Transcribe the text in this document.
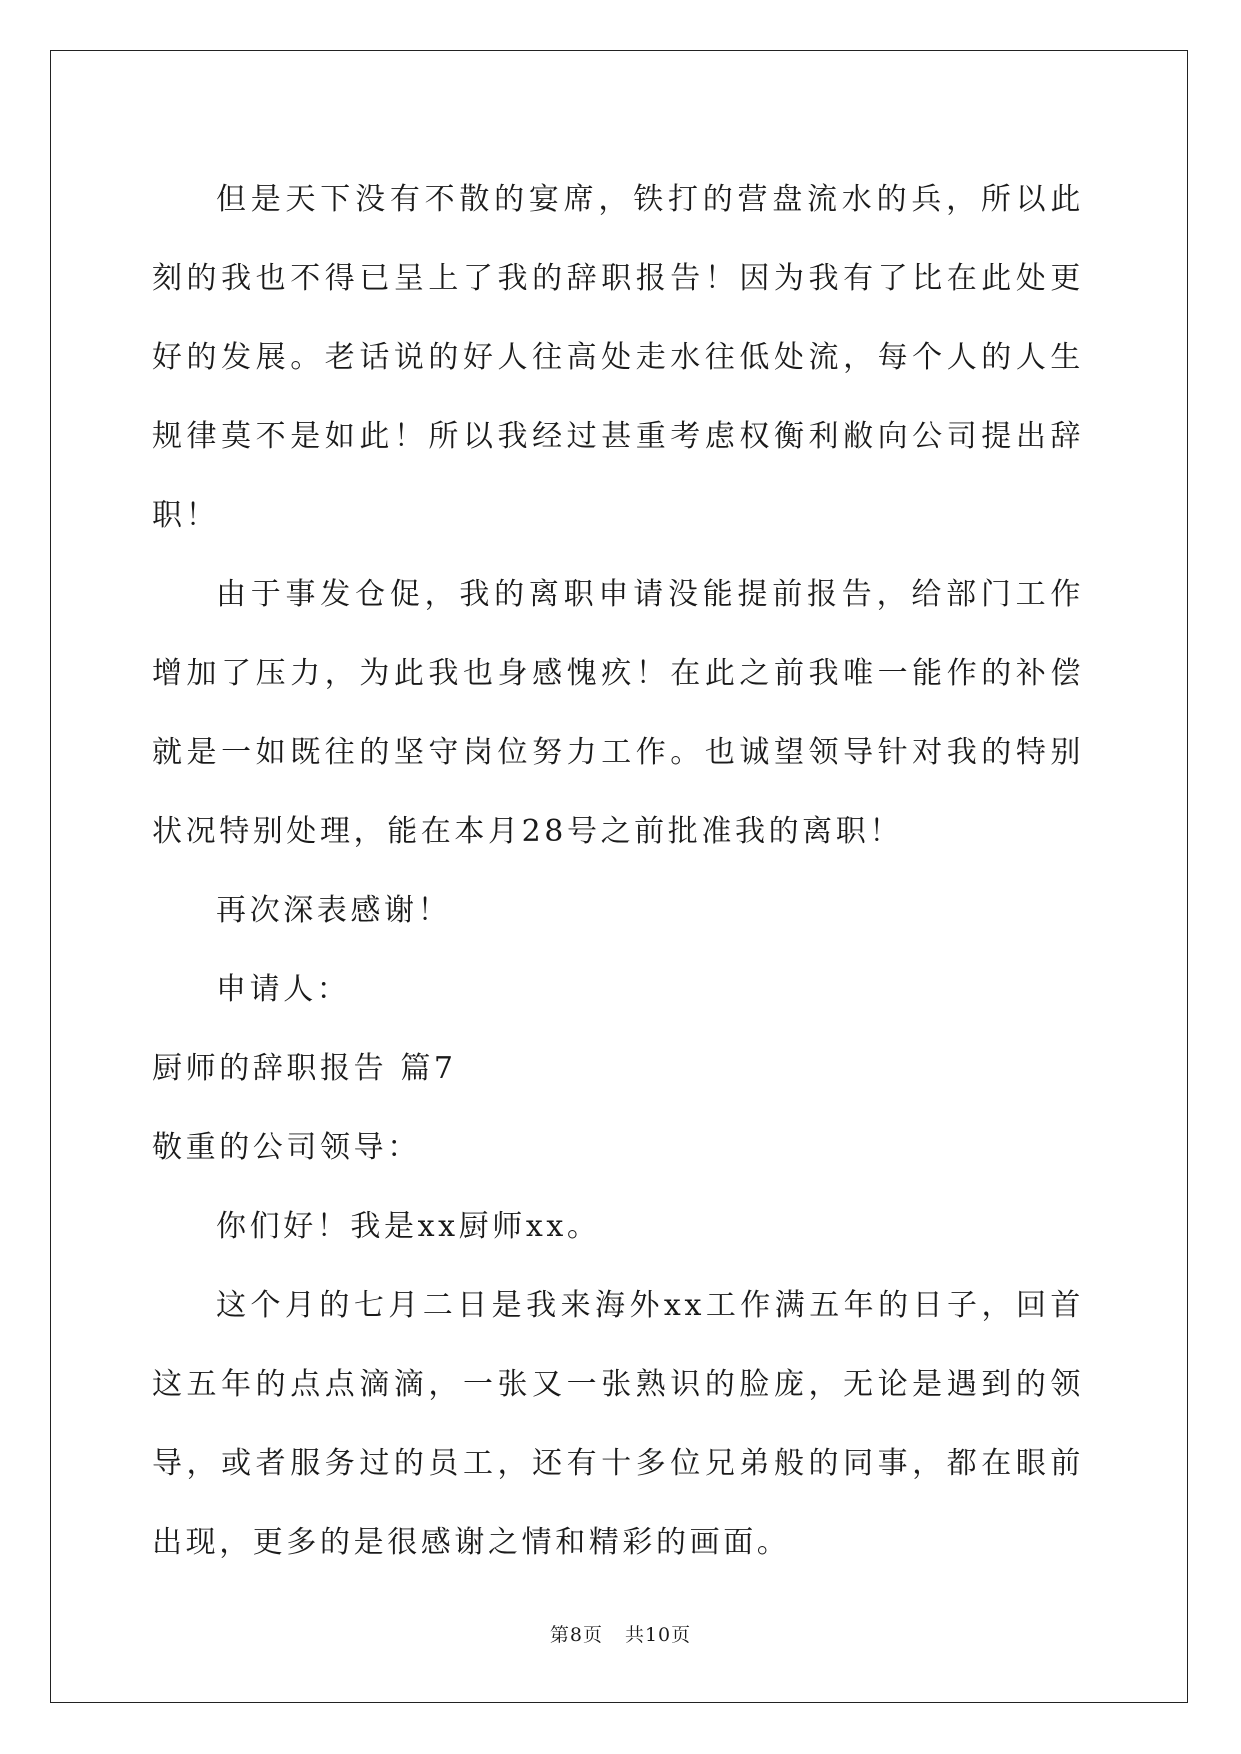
但是天下没有不散的宴席，铁打的营盘流水的兵，所以此刻的我也不得已呈上了我的辞职报告！因为我有了比在此处更好的发展。老话说的好人往高处走水往低处流，每个人的人生规律莫不是如此！所以我经过甚重考虑权衡利敝向公司提出辞职！

由于事发仓促，我的离职申请没能提前报告，给部门工作增加了压力，为此我也身感愧疚！在此之前我唯一能作的补偿就是一如既往的坚守岗位努力工作。也诚望领导针对我的特别状况特别处理，能在本月28号之前批准我的离职！

再次深表感谢！

申请人：

厨师的辞职报告 篇7

敬重的公司领导：

你们好！我是xx厨师xx。

这个月的七月二日是我来海外xx工作满五年的日子，回首这五年的点点滴滴，一张又一张熟识的脸庞，无论是遇到的领导，或者服务过的员工，还有十多位兄弟般的同事，都在眼前出现，更多的是很感谢之情和精彩的画面。

第8页 共10页
